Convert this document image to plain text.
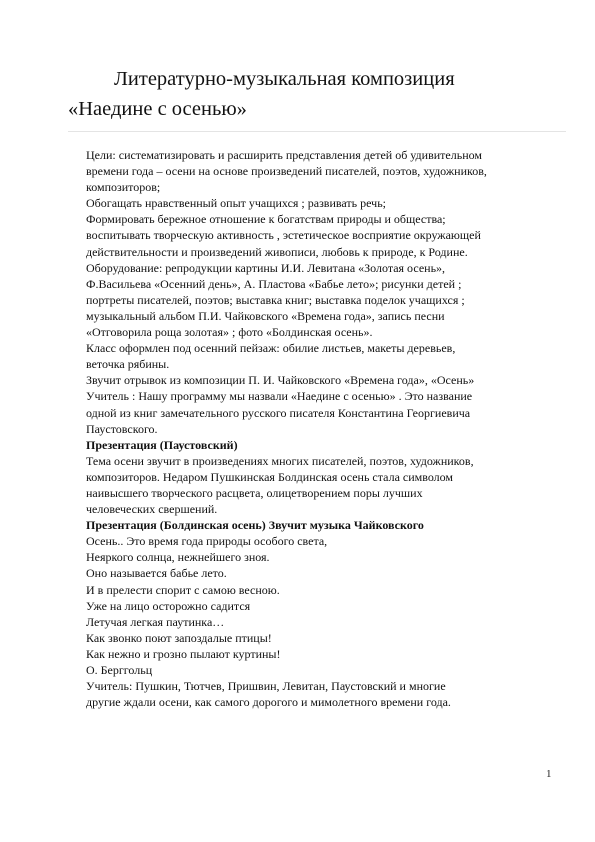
Литературно-музыкальная композиция
«Наедине с осенью»
Цели: систематизировать и расширить представления детей об удивительном
времени года – осени на основе произведений писателей, поэтов, художников,
композиторов;
Обогащать нравственный опыт учащихся ; развивать речь;
Формировать бережное отношение к богатствам природы и общества;
воспитывать творческую активность , эстетическое восприятие окружающей
действительности и произведений живописи, любовь к природе, к Родине.
Оборудование: репродукции картины И.И. Левитана «Золотая осень»,
Ф.Васильева «Осенний день», А. Пластова «Бабье лето»; рисунки детей ;
портреты писателей, поэтов; выставка книг; выставка поделок учащихся ;
музыкальный альбом П.И. Чайковского «Времена года», запись песни
«Отговорила роща золотая» ; фото «Болдинская осень».
Класс оформлен под осенний пейзаж: обилие листьев, макеты деревьев,
веточка рябины.
Звучит отрывок из композиции П. И. Чайковского «Времена года», «Осень»
Учитель : Нашу программу мы назвали «Наедине с осенью» . Это название
одной из книг замечательного русского писателя Константина Георгиевича
Паустовского.
Презентация (Паустовский)
Тема осени звучит в произведениях многих писателей, поэтов, художников,
композиторов. Недаром Пушкинская Болдинская осень стала символом
наивысшего творческого расцвета, олицетворением поры лучших
человеческих свершений.
Презентация (Болдинская осень) Звучит музыка Чайковского
Осень.. Это время года природы особого света,
Неяркого солнца, нежнейшего зноя.
Оно называется бабье лето.
И в прелести спорит с самою весною.
Уже на лицо осторожно садится
Летучая легкая паутинка…
Как звонко поют запоздалые птицы!
Как нежно и грозно пылают куртины!
О. Берггольц
Учитель: Пушкин, Тютчев, Пришвин, Левитан, Паустовский и многие
другие ждали осени, как самого дорогого и мимолетного времени года.
1
